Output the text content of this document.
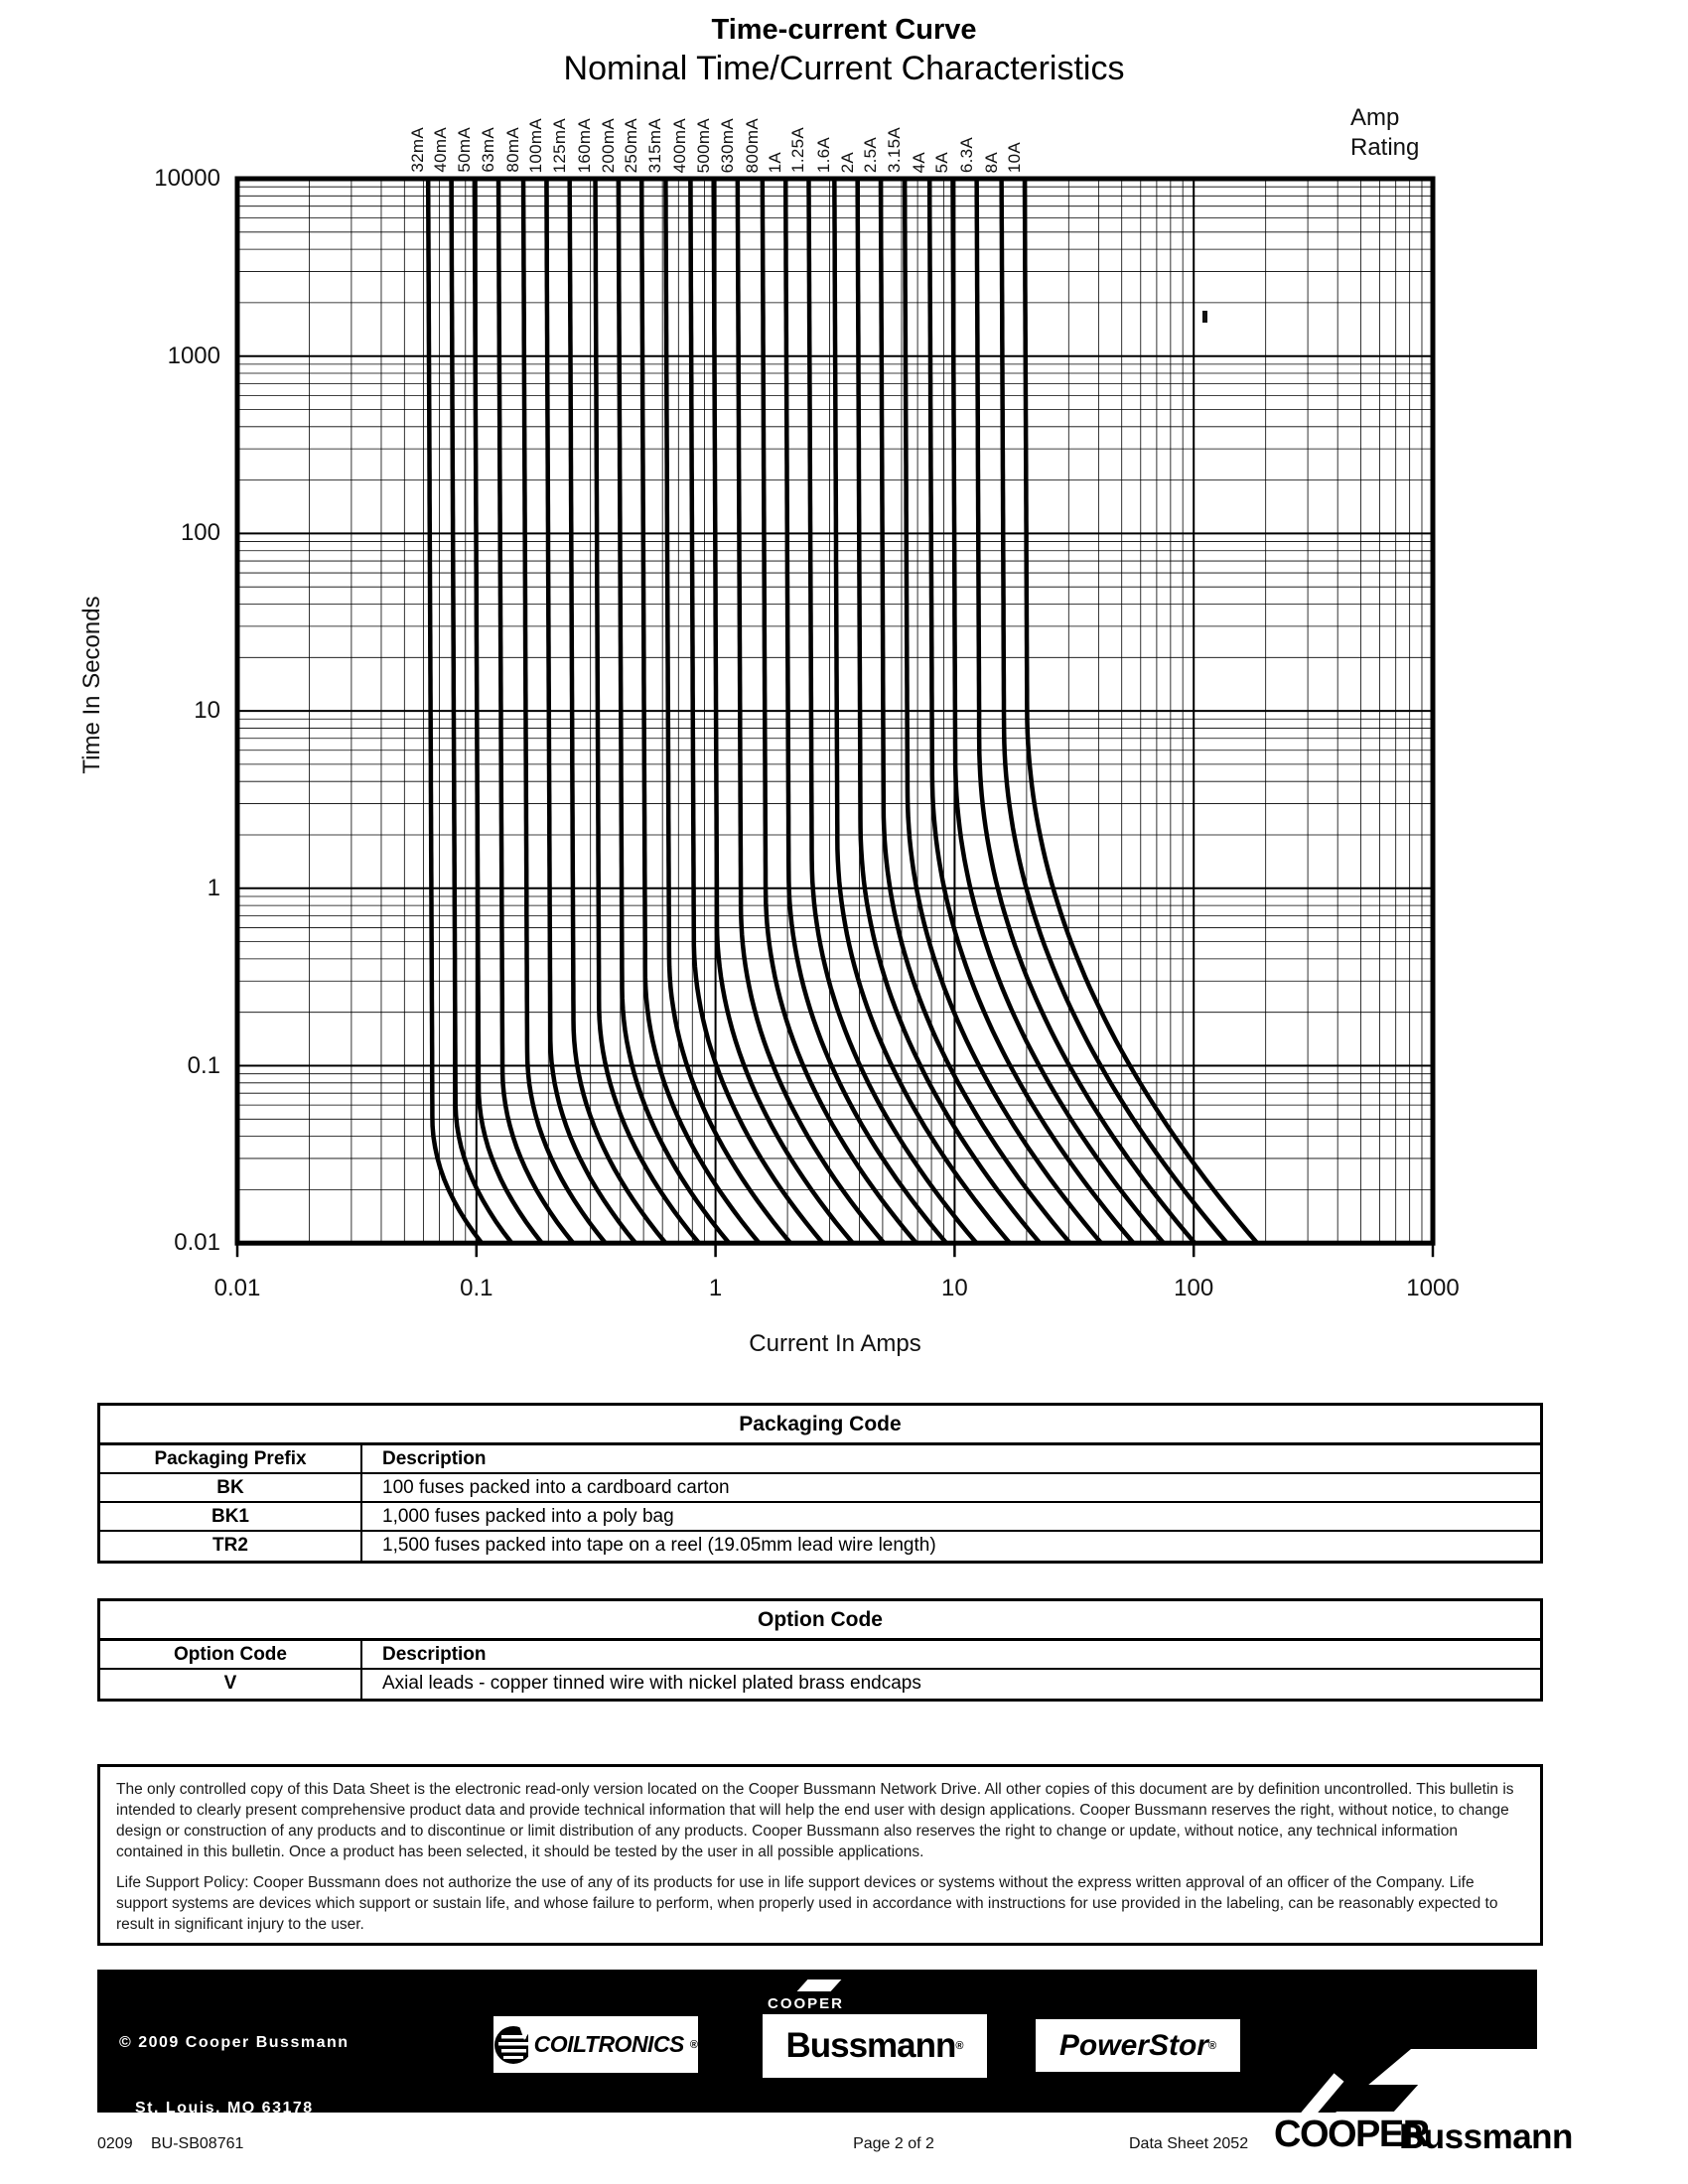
Time-current Curve
Nominal Time/Current Characteristics
32mA 40mA 50mA 63mA 80mA 100mA 125mA 160mA 200mA 250mA 315mA 400mA 500mA 630mA 800mA 1A 1.25A 1.6A 2A 2.5A 3.15A 4A 5A 6.3A 8A 10A
Amp
Rating
10000
1000
100
10
1
0.1
0.01
0.01	0.1	1	10	100	1000
Time In Seconds
Current In Amps
Packaging Code
Packaging Prefix	Description
BK	100 fuses packed into a cardboard carton
BK1	1,000 fuses packed into a poly bag
TR2	1,500 fuses packed into tape on a reel (19.05mm lead wire length)
Option Code
Option Code	Description
V	Axial leads - copper tinned wire with nickel plated brass endcaps

The only controlled copy of this Data Sheet is the electronic read-only version located on the Cooper Bussmann Network Drive. All other copies of this document are by definition uncontrolled. This bulletin is intended to clearly present comprehensive product data and provide technical information that will help the end user with design applications. Cooper Bussmann reserves the right, without notice, to change design or construction of any products and to discontinue or limit distribution of any products. Cooper Bussmann also reserves the right to change or update, without notice, any technical information contained in this bulletin. Once a product has been selected, it should be tested by the user in all possible applications.

Life Support Policy: Cooper Bussmann does not authorize the use of any of its products for use in life support devices or systems without the express written approval of an officer of the Company. Life support systems are devices which support or sustain life, and whose failure to perform, when properly used in accordance with instructions for use provided in the labeling, can be reasonably expected to result in significant injury to the user.

© 2009 Cooper Bussmann

St. Louis, MO 63178

www.cooperbussmann.com

COILTRONICS ®
COOPER
Bussmann ®	PowerStor ®
0209 BU-SB08761	Page 2 of 2	Data Sheet 2052 COOPER
Bussmann
